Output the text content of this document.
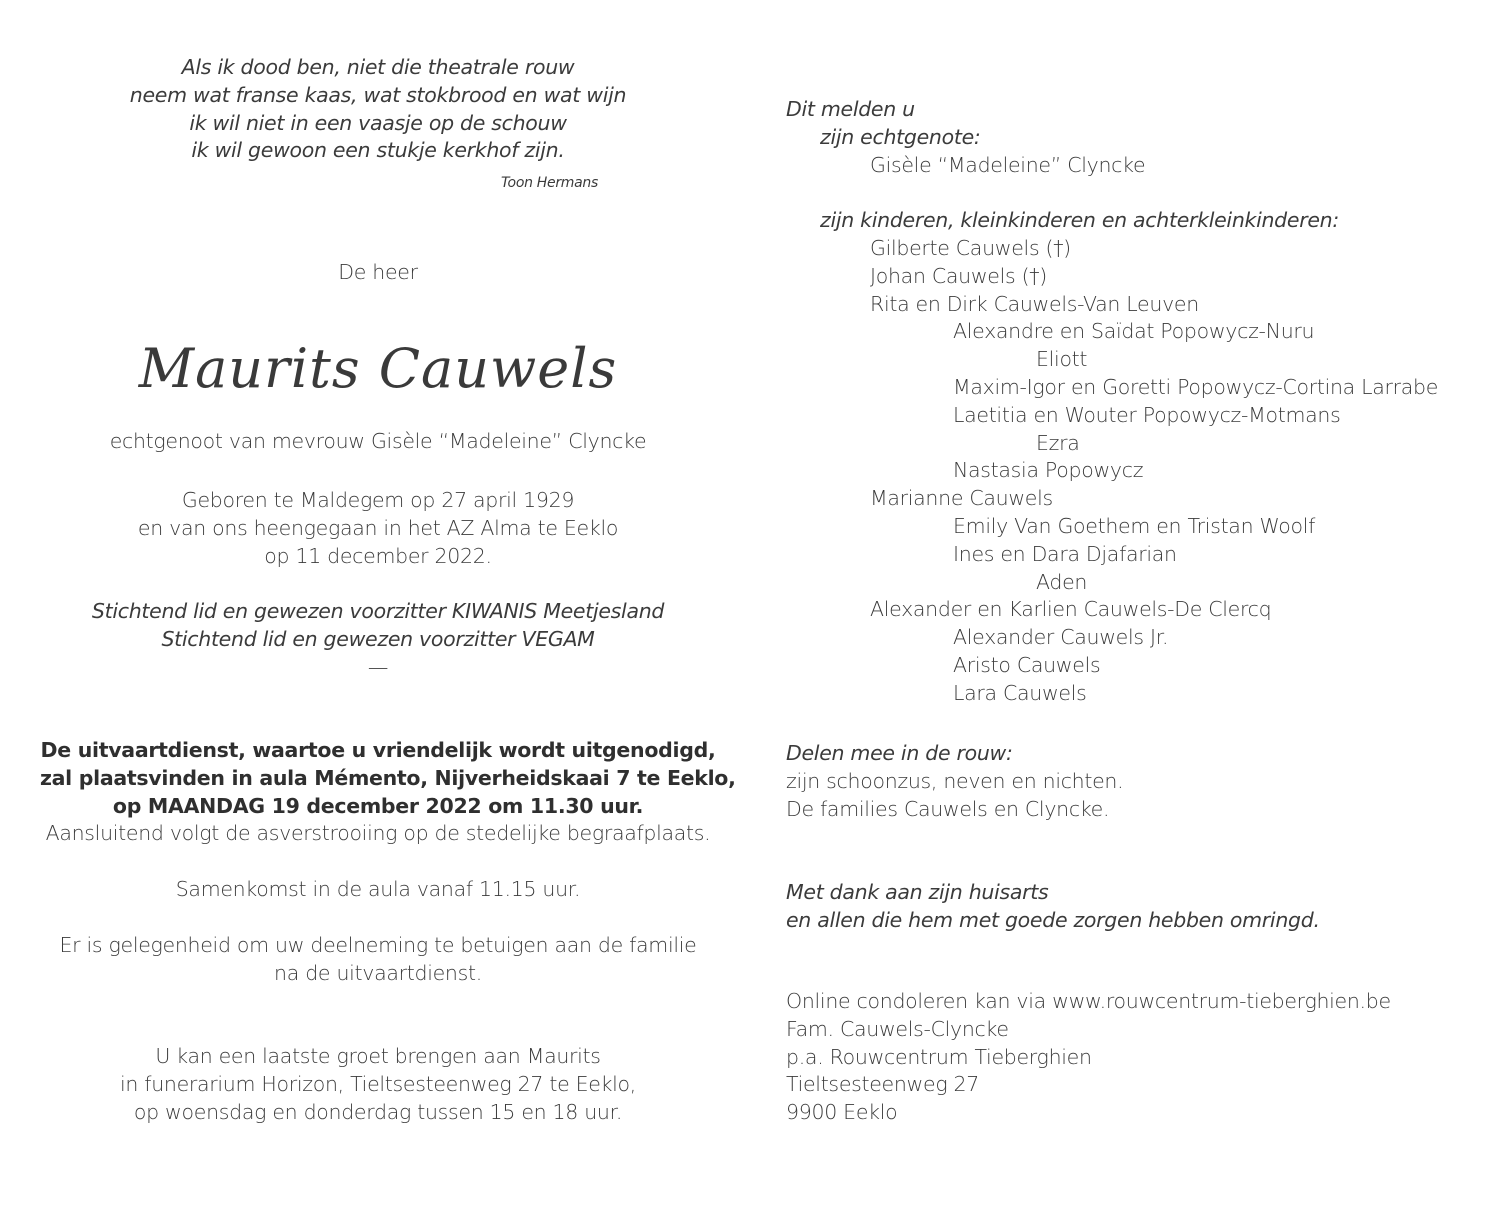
Als ik dood ben, niet die theatrale rouw
neem wat franse kaas, wat stokbrood en wat wijn
ik wil niet in een vaasje op de schouw
ik wil gewoon een stukje kerkhof zijn.
Toon Hermans
De heer
Maurits Cauwels
echtgenoot van mevrouw Gisèle “Madeleine” Clyncke
Geboren te Maldegem op 27 april 1929
en van ons heengegaan in het AZ Alma te Eeklo
op 11 december 2022.
Stichtend lid en gewezen voorzitter KIWANIS Meetjesland
Stichtend lid en gewezen voorzitter VEGAM
—
De uitvaartdienst, waartoe u vriendelijk wordt uitgenodigd,
zal plaatsvinden in aula Mémento, Nijverheidskaai 7 te Eeklo,
op MAANDAG 19 december 2022 om 11.30 uur.
Aansluitend volgt de asverstrooiing op de stedelijke begraafplaats.
Samenkomst in de aula vanaf 11.15 uur.
Er is gelegenheid om uw deelneming te betuigen aan de familie
na de uitvaartdienst.
U kan een laatste groet brengen aan Maurits
in funerarium Horizon, Tieltsesteenweg 27 te Eeklo,
op woensdag en donderdag tussen 15 en 18 uur.
Dit melden u
zijn echtgenote:
Gisèle “Madeleine” Clyncke

zijn kinderen, kleinkinderen en achterkleinkinderen:
Gilberte Cauwels (†)
Johan Cauwels (†)
Rita en Dirk Cauwels-Van Leuven
Alexandre en Saïdat Popowycz-Nuru
Eliott
Maxim-Igor en Goretti Popowycz-Cortina Larrabe
Laetitia en Wouter Popowycz-Motmans
Ezra
Nastasia Popowycz
Marianne Cauwels
Emily Van Goethem en Tristan Woolf
Ines en Dara Djafarian
Aden
Alexander en Karlien Cauwels-De Clercq
Alexander Cauwels Jr.
Aristo Cauwels
Lara Cauwels
Delen mee in de rouw:
zijn schoonzus, neven en nichten.
De families Cauwels en Clyncke.
Met dank aan zijn huisarts
en allen die hem met goede zorgen hebben omringd.
Online condoleren kan via www.rouwcentrum-tieberghien.be
Fam. Cauwels-Clyncke
p.a. Rouwcentrum Tieberghien
Tieltsesteenweg 27
9900 Eeklo
